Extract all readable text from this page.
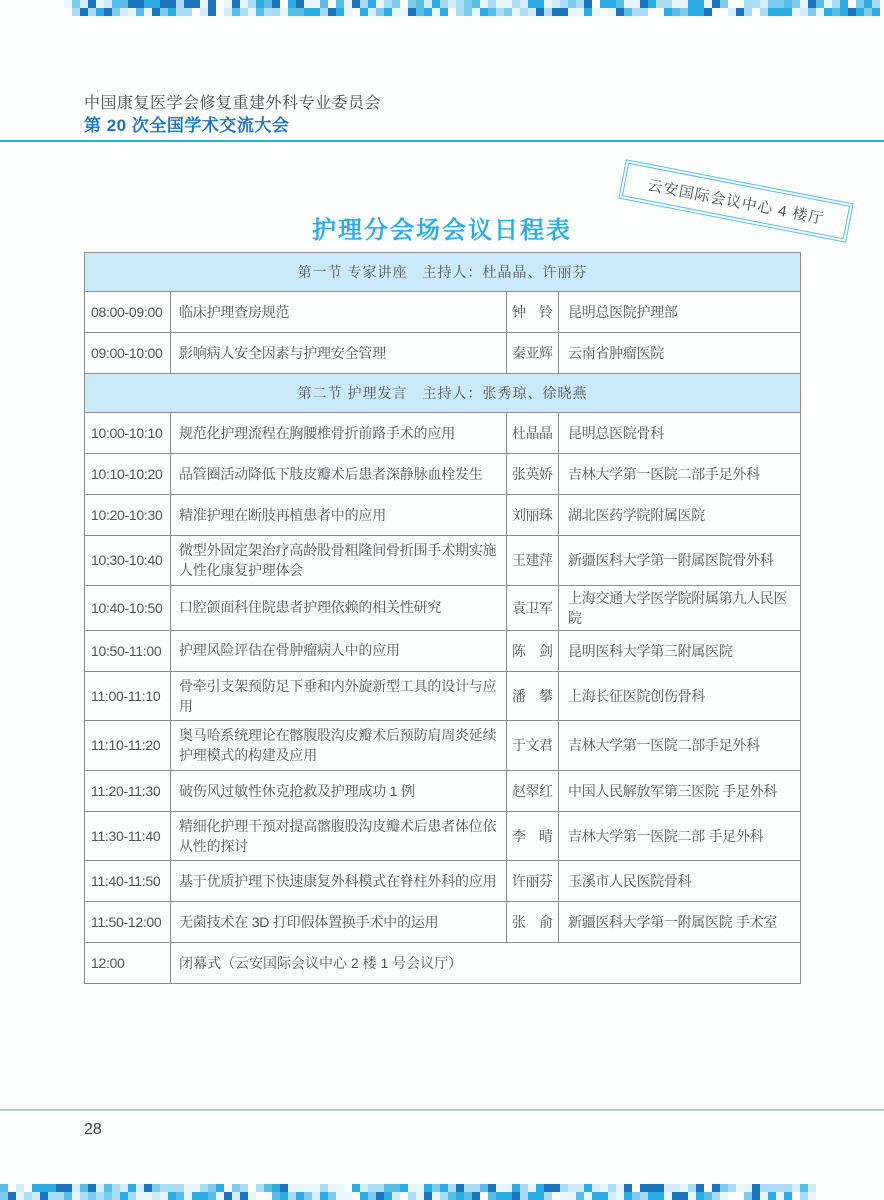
中国康复医学会修复重建外科专业委员会
第 20 次全国学术交流大会
云安国际会议中心 4 楼厅
护理分会场会议日程表
第一节 专家讲座　主持人：杜晶晶、许丽芬			
08:00-09:00	临床护理查房规范	钟　铃	昆明总医院护理部
09:00-10:00	影响病人安全因素与护理安全管理	秦亚辉	云南省肿瘤医院
第二节 护理发言　主持人：张秀琼、徐晓燕			
10:00-10:10	规范化护理流程在胸腰椎骨折前路手术的应用	杜晶晶	昆明总医院骨科
10:10-10:20	品管圈活动降低下肢皮瓣术后患者深静脉血栓发生	张英娇	吉林大学第一医院二部手足外科
10:20-10:30	精准护理在断肢再植患者中的应用	刘丽珠	湖北医药学院附属医院
10:30-10:40	微型外固定架治疗高龄股骨粗隆间骨折围手术期实施人性化康复护理体会	王建萍	新疆医科大学第一附属医院骨外科
10:40-10:50	口腔颌面科住院患者护理依赖的相关性研究	袁卫军	上海交通大学医学院附属第九人民医院
10:50-11:00	护理风险评估在骨肿瘤病人中的应用	陈　剑	昆明医科大学第三附属医院
11:00-11:10	骨牵引支架预防足下垂和内外旋新型工具的设计与应用	潘　攀	上海长征医院创伤骨科
11:10-11:20	奥马哈系统理论在髂腹股沟皮瓣术后预防肩周炎延续护理模式的构建及应用	于文君	吉林大学第一医院二部手足外科
11:20-11:30	破伤风过敏性休克抢救及护理成功 1 例	赵翠红	中国人民解放军第三医院 手足外科
11:30-11:40	精细化护理干预对提高髂腹股沟皮瓣术后患者体位依从性的探讨	李　晴	吉林大学第一医院二部 手足外科
11:40-11:50	基于优质护理下快速康复外科模式在脊柱外科的应用	许丽芬	玉溪市人民医院骨科
11:50-12:00	无菌技术在 3D 打印假体置换手术中的运用	张　俞	新疆医科大学第一附属医院 手术室
12:00	闭幕式（云安国际会议中心 2 楼 1 号会议厅）		
28
